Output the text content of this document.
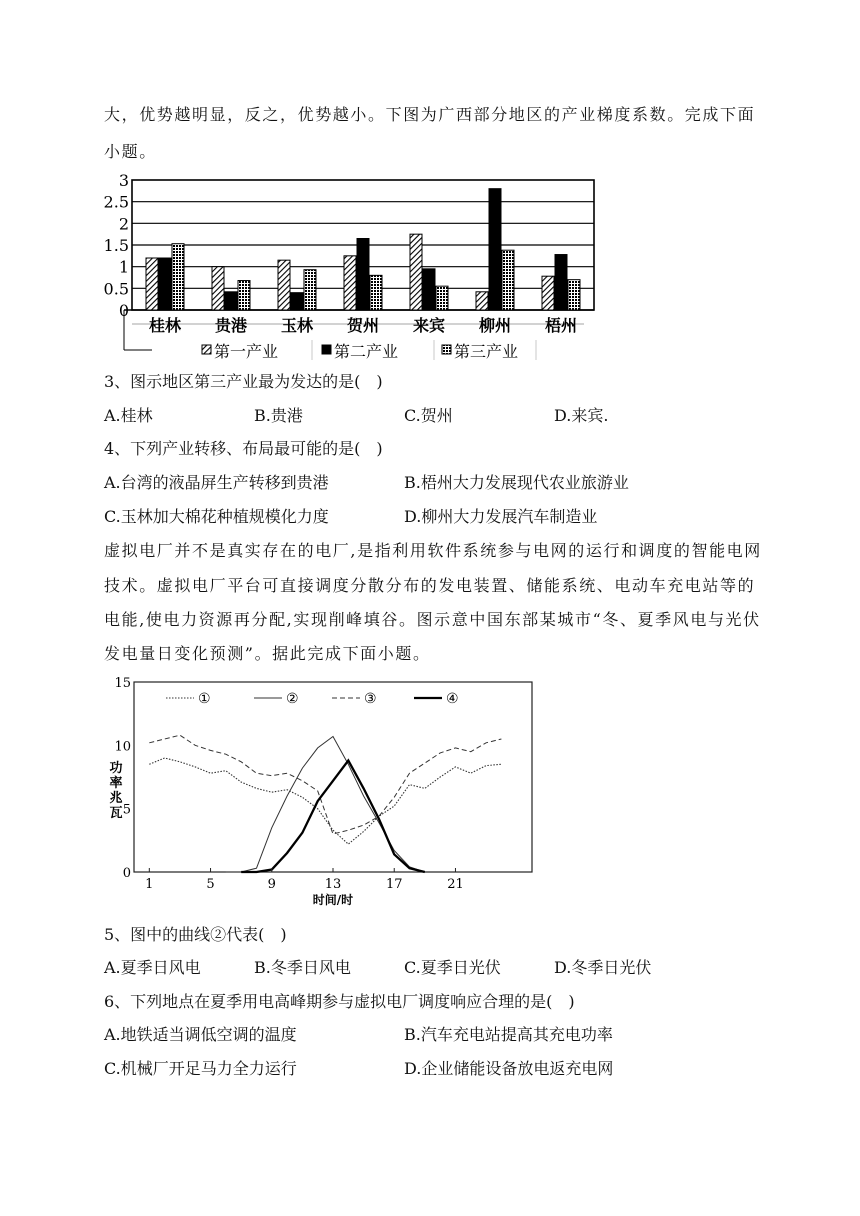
大，优势越明显，反之，优势越小。下图为广西部分地区的产业梯度系数。完成下面
小题。
3
2.5
2
1.5
1
0.5
0
桂林 贵港 玉林 贺州 来宾 柳州 梧州
第一产业	第二产业	第三产业
3、图示地区第三产业最为发达的是(　)
A.桂林	B.贵港	C.贺州	D.来宾.
4、下列产业转移、布局最可能的是(　)
A.台湾的液晶屏生产转移到贵港	B.梧州大力发展现代农业旅游业
C.玉林加大棉花种植规模化力度	D.柳州大力发展汽车制造业
虚拟电厂并不是真实存在的电厂,是指利用软件系统参与电网的运行和调度的智能电网
技术。虚拟电厂平台可直接调度分散分布的发电装置、储能系统、电动车充电站等的
电能,使电力资源再分配,实现削峰填谷。图示意中国东部某城市“冬、夏季风电与光伏
发电量日变化预测”。据此完成下面小题。
15
10
5
0
1	5	9	13	17	21
①	②	③	④
功
率
兆
瓦
时间/时
5、图中的曲线②代表(　)
A.夏季日风电	B.冬季日风电	C.夏季日光伏	D.冬季日光伏
6、下列地点在夏季用电高峰期参与虚拟电厂调度响应合理的是(　)
A.地铁适当调低空调的温度	B.汽车充电站提高其充电功率
C.机械厂开足马力全力运行	D.企业储能设备放电返充电网
